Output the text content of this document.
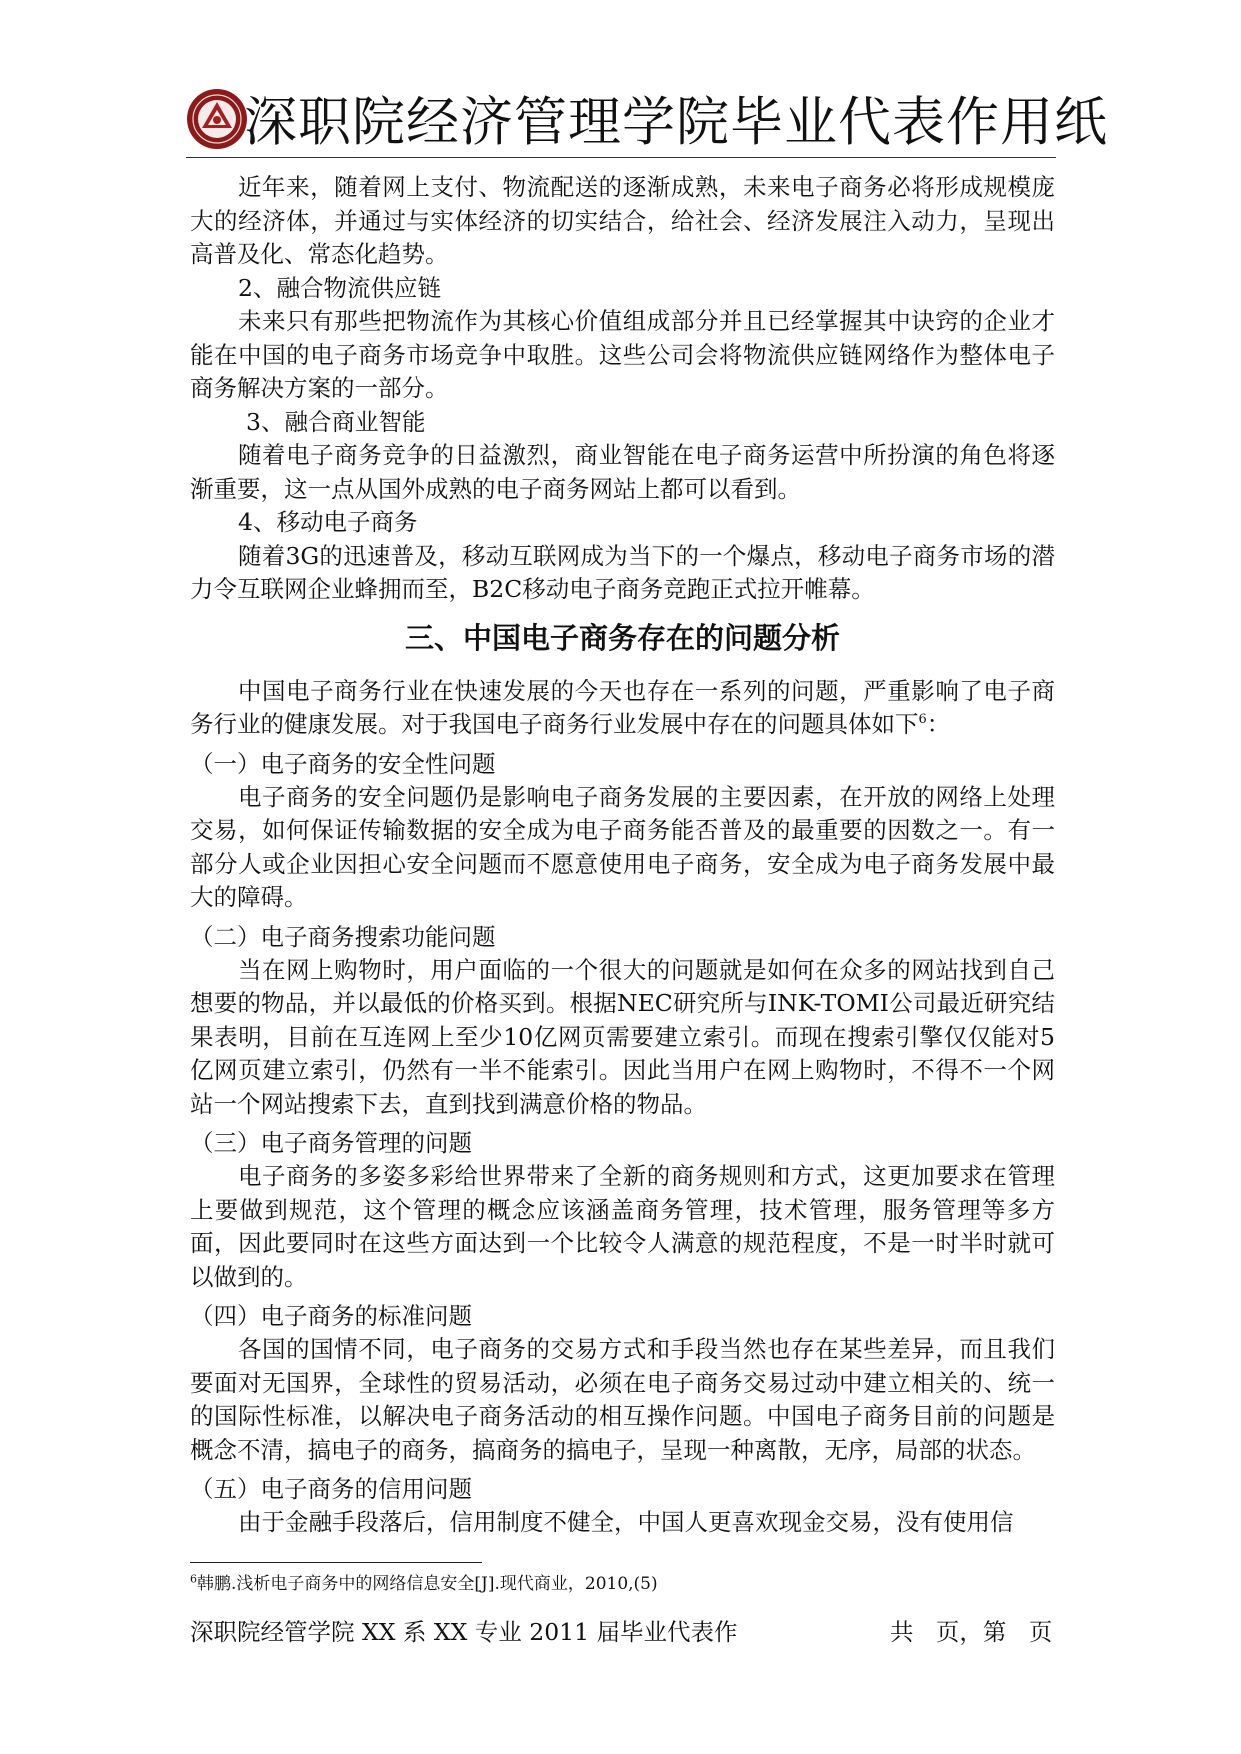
深职院经济管理学院毕业代表作用纸

近年来，随着网上支付、物流配送的逐渐成熟，未来电子商务必将形成规模庞大的经济体，并通过与实体经济的切实结合，给社会、经济发展注入动力，呈现出高普及化、常态化趋势。

2、融合物流供应链

未来只有那些把物流作为其核心价值组成部分并且已经掌握其中诀窍的企业才能在中国的电子商务市场竞争中取胜。这些公司会将物流供应链网络作为整体电子商务解决方案的一部分。

3、融合商业智能

随着电子商务竞争的日益激烈，商业智能在电子商务运营中所扮演的角色将逐渐重要，这一点从国外成熟的电子商务网站上都可以看到。

4、移动电子商务

随着3G的迅速普及，移动互联网成为当下的一个爆点，移动电子商务市场的潜力令互联网企业蜂拥而至，B2C移动电子商务竞跑正式拉开帷幕。

三、中国电子商务存在的问题分析

中国电子商务行业在快速发展的今天也存在一系列的问题，严重影响了电子商务行业的健康发展。对于我国电子商务行业发展中存在的问题具体如下$^6$：

（一）电子商务的安全性问题

电子商务的安全问题仍是影响电子商务发展的主要因素，在开放的网络上处理交易，如何保证传输数据的安全成为电子商务能否普及的最重要的因数之一。有一部分人或企业因担心安全问题而不愿意使用电子商务，安全成为电子商务发展中最大的障碍。

（二）电子商务搜索功能问题

当在网上购物时，用户面临的一个很大的问题就是如何在众多的网站找到自己想要的物品，并以最低的价格买到。根据NEC研究所与INK-TOMI公司最近研究结果表明，目前在互连网上至少10亿网页需要建立索引。而现在搜索引擎仅仅能对5亿网页建立索引，仍然有一半不能索引。因此当用户在网上购物时，不得不一个网站一个网站搜索下去，直到找到满意价格的物品。

（三）电子商务管理的问题

电子商务的多姿多彩给世界带来了全新的商务规则和方式，这更加要求在管理上要做到规范，这个管理的概念应该涵盖商务管理，技术管理，服务管理等多方面，因此要同时在这些方面达到一个比较令人满意的规范程度，不是一时半时就可以做到的。

（四）电子商务的标准问题

各国的国情不同，电子商务的交易方式和手段当然也存在某些差异，而且我们要面对无国界，全球性的贸易活动，必须在电子商务交易过动中建立相关的、统一的国际性标准，以解决电子商务活动的相互操作问题。中国电子商务目前的问题是概念不清，搞电子的商务，搞商务的搞电子，呈现一种离散，无序，局部的状态。

（五）电子商务的信用问题

由于金融手段落后，信用制度不健全，中国人更喜欢现金交易，没有使用信

$^6$韩鹏.浅析电子商务中的网络信息安全[J].现代商业，2010,(5)
深职院经管学院 XX 系 XX 专业 2011 届毕业代表作	共   页，第   页
